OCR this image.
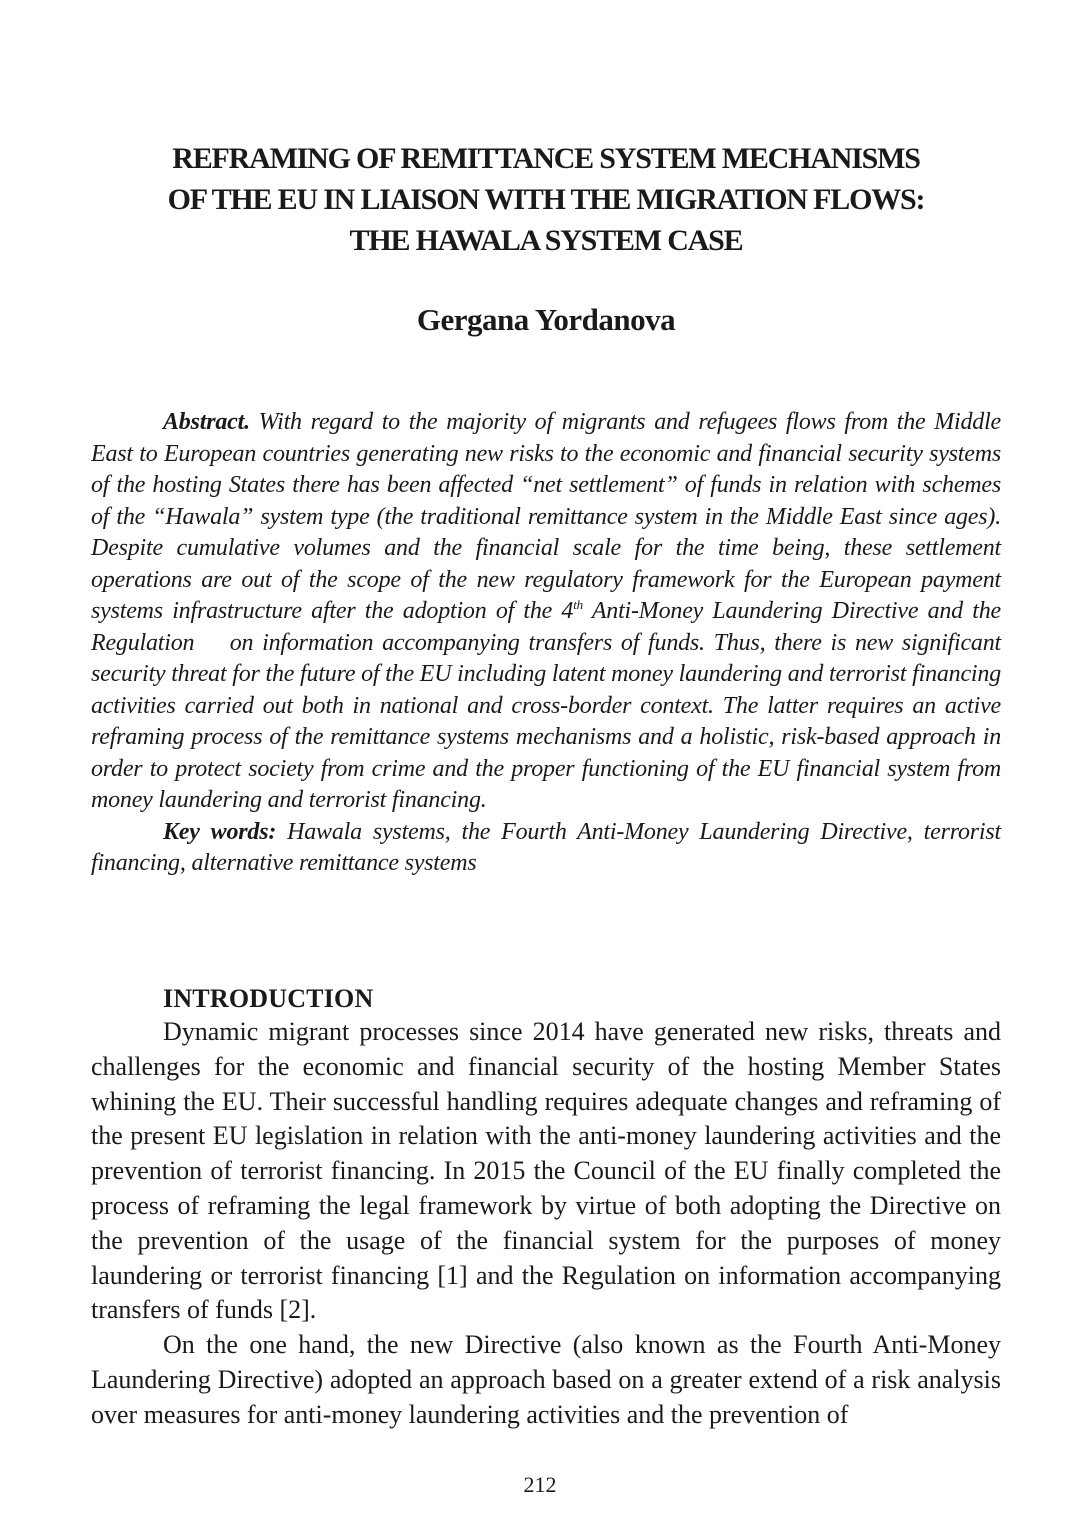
REFRAMING OF REMITTANCE SYSTEM MECHANISMS
OF THE EU IN LIAISON WITH THE MIGRATION FLOWS:
THE HAWALA SYSTEM CASE
Gergana Yordanova

Abstract. With regard to the majority of migrants and refugees flows from the Middle East to European countries generating new risks to the economic and financial security systems of the hosting States there has been affected “net settlement” of funds in relation with schemes of the “Hawala” system type (the traditional remittance system in the Middle East since ages). Despite cumulative volumes and the financial scale for the time being, these settlement operations are out of the scope of the new regulatory framework for the European payment systems infrastructure after the adoption of the 4th Anti-Money Laundering Directive and the Regulation    on information accompanying transfers of funds. Thus, there is new significant security threat for the future of the EU including latent money laundering and terrorist financing activities carried out both in national and cross-border context. The latter requires an active reframing process of the remittance systems mechanisms and a holistic, risk-based approach in order to protect society from crime and the proper functioning of the EU financial system from money laundering and terrorist financing.

Key words: Hawala systems, the Fourth Anti-Money Laundering Directive, terrorist financing, alternative remittance systems

INTRODUCTION

Dynamic migrant processes since 2014 have generated new risks, threats and challenges for the economic and financial security of the hosting Member States whining the EU. Their successful handling requires adequate changes and reframing of the present EU legislation in relation with the anti-money laundering activities and the prevention of terrorist financing. In 2015 the Council of the EU finally completed the process of reframing the legal framework by virtue of both adopting the Directive on the prevention of the usage of the financial system for the purposes of money laundering or terrorist financing [1] and the Regulation on information accompanying transfers of funds [2].

On the one hand, the new Directive (also known as the Fourth Anti-Money Laundering Directive) adopted an approach based on a greater extend of a risk analysis over measures for anti-money laundering activities and the prevention of

212
